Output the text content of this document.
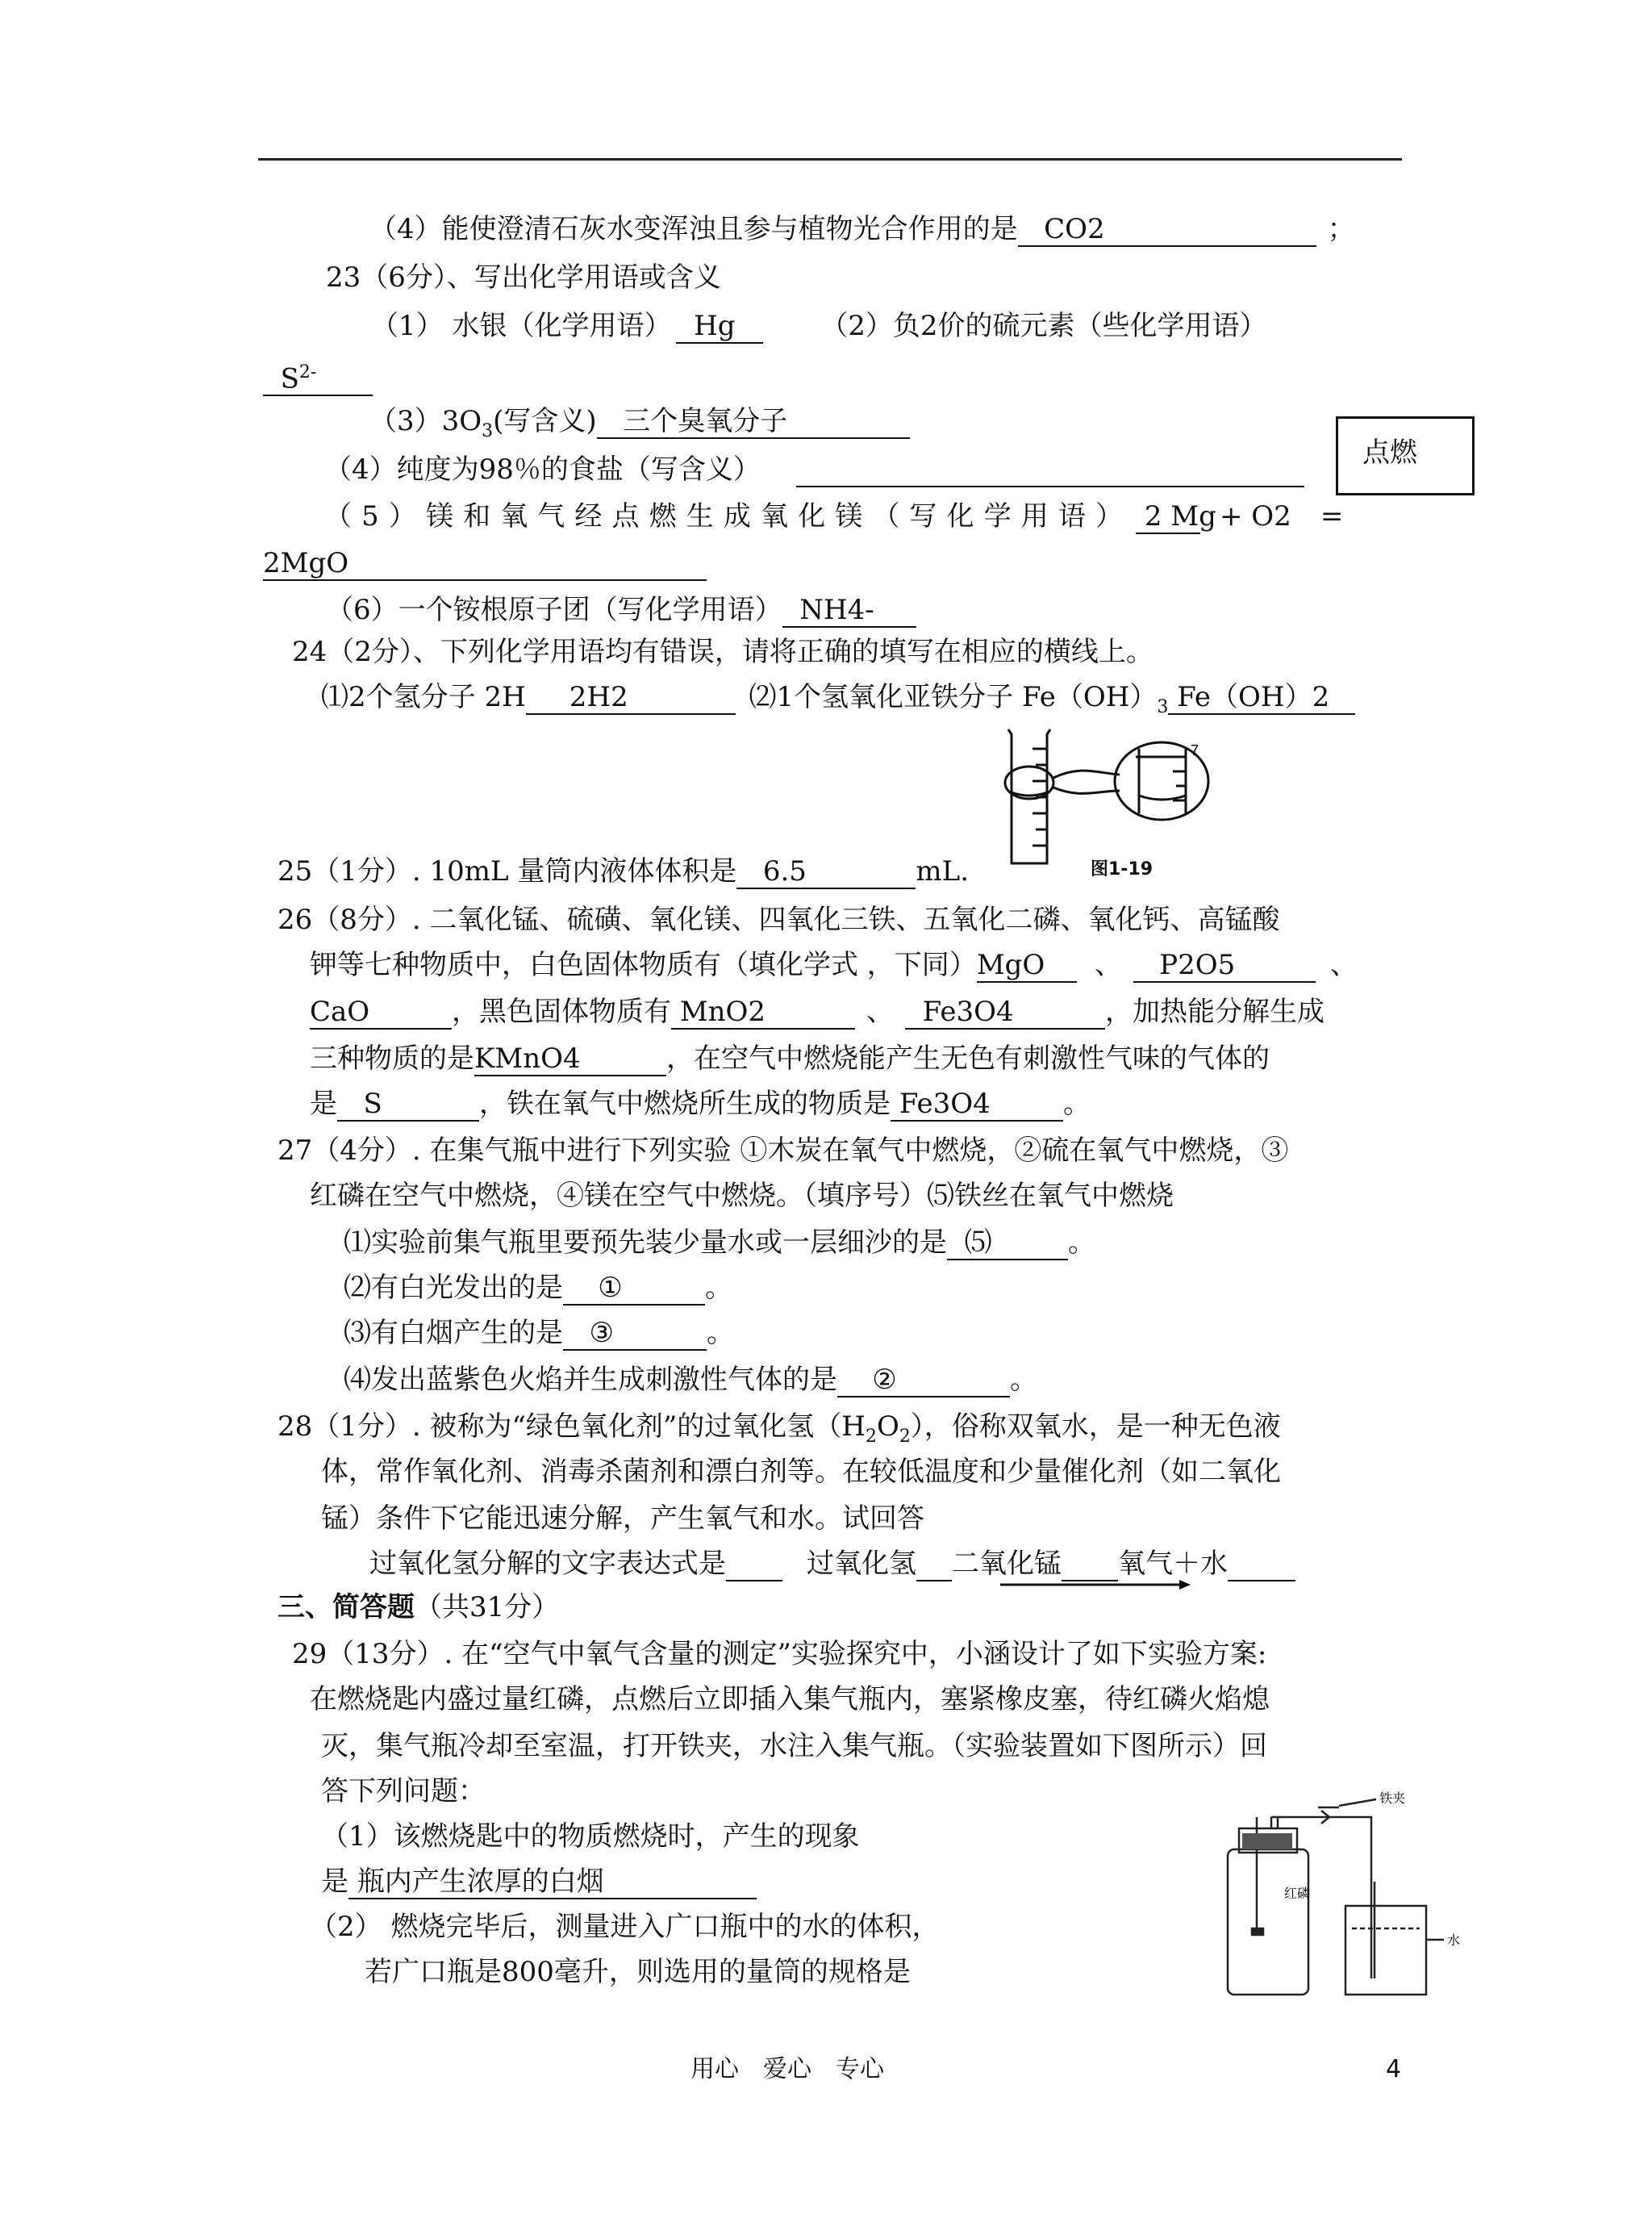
（4）能使澄清石灰水变浑浊且参与植物光合作用的是 CO2	；
23（6分）、写出化学用语或含义
（1） 水银（化学用语） Hg	（2）负2价的硫元素（些化学用语）
$S^{2-}$
$(3)3O_3$(写含义) 三个臭氧分子
（4）纯度为98％的食盐（写含义）
点燃
（5）镁和氧气经点燃生成氧化镁（写化学用语） 2 Mg + O2 =
2MgO
（6）一个铵根原子团（写化学用语） NH4-
24（2分）、下列化学用语均有错误，请将正确的填写在相应的横线上。
⑴2个氢分子 2H 2H2	⑵1个氢氧化亚铁分子 $Fe(OH)_3$ Fe（OH）2
7
图1-19
25（1分）. 10mL 量筒内液体体积是 6.5	mL.
26（8分）. 二氧化锰、硫磺、氧化镁、四氧化三铁、五氧化二磷、氧化钙、高锰酸
钾等七种物质中，白色固体物质有（填化学式 ，下同）MgO 、 P2O5	、
CaO	，黑色固体物质有 MnO2	、 Fe3O4	，加热能分解生成
三种物质的是KMnO4	，在空气中燃烧能产生无色有刺激性气味的气体的
是 S	，铁在氧气中燃烧所生成的物质是 Fe3O4	。
27（4分）. 在集气瓶中进行下列实验 ①木炭在氧气中燃烧，②硫在氧气中燃烧，③
红磷在空气中燃烧，④镁在空气中燃烧。（填序号）⑸铁丝在氧气中燃烧
⑴实验前集气瓶里要预先装少量水或一层细沙的是 ⑸	。
⑵有白光发出的是 ①	。
⑶有白烟产生的是 ③	。
⑷发出蓝紫色火焰并生成刺激性气体的是 ②	。
28（1分）. 被称为“绿色氧化剂”的过氧化氢$(H_2O_2)$，俗称双氧水，是一种无色液
体，常作氧化剂、消毒杀菌剂和漂白剂等。在较低温度和少量催化剂（如二氧化
锰）条件下它能迅速分解，产生氧气和水。试回答
过氧化氢分解的文字表达式是	过氧化氢 二氧化锰 氧气＋水
三、简答题（共31分）
29（13分）. 在“空气中氧气含量的测定”实验探究中，小涵设计了如下实验方案:
在燃烧匙内盛过量红磷，点燃后立即插入集气瓶内，塞紧橡皮塞，待红磷火焰熄
灭，集气瓶冷却至室温，打开铁夹，水注入集气瓶。（实验装置如下图所示）回
答下列问题：
（1）该燃烧匙中的物质燃烧时，产生的现象
是 瓶内产生浓厚的白烟
（2） 燃烧完毕后，测量进入广口瓶中的水的体积，
若广口瓶是800毫升，则选用的量筒的规格是
铁夹
红磷
水
用心　爱心　专心	4
